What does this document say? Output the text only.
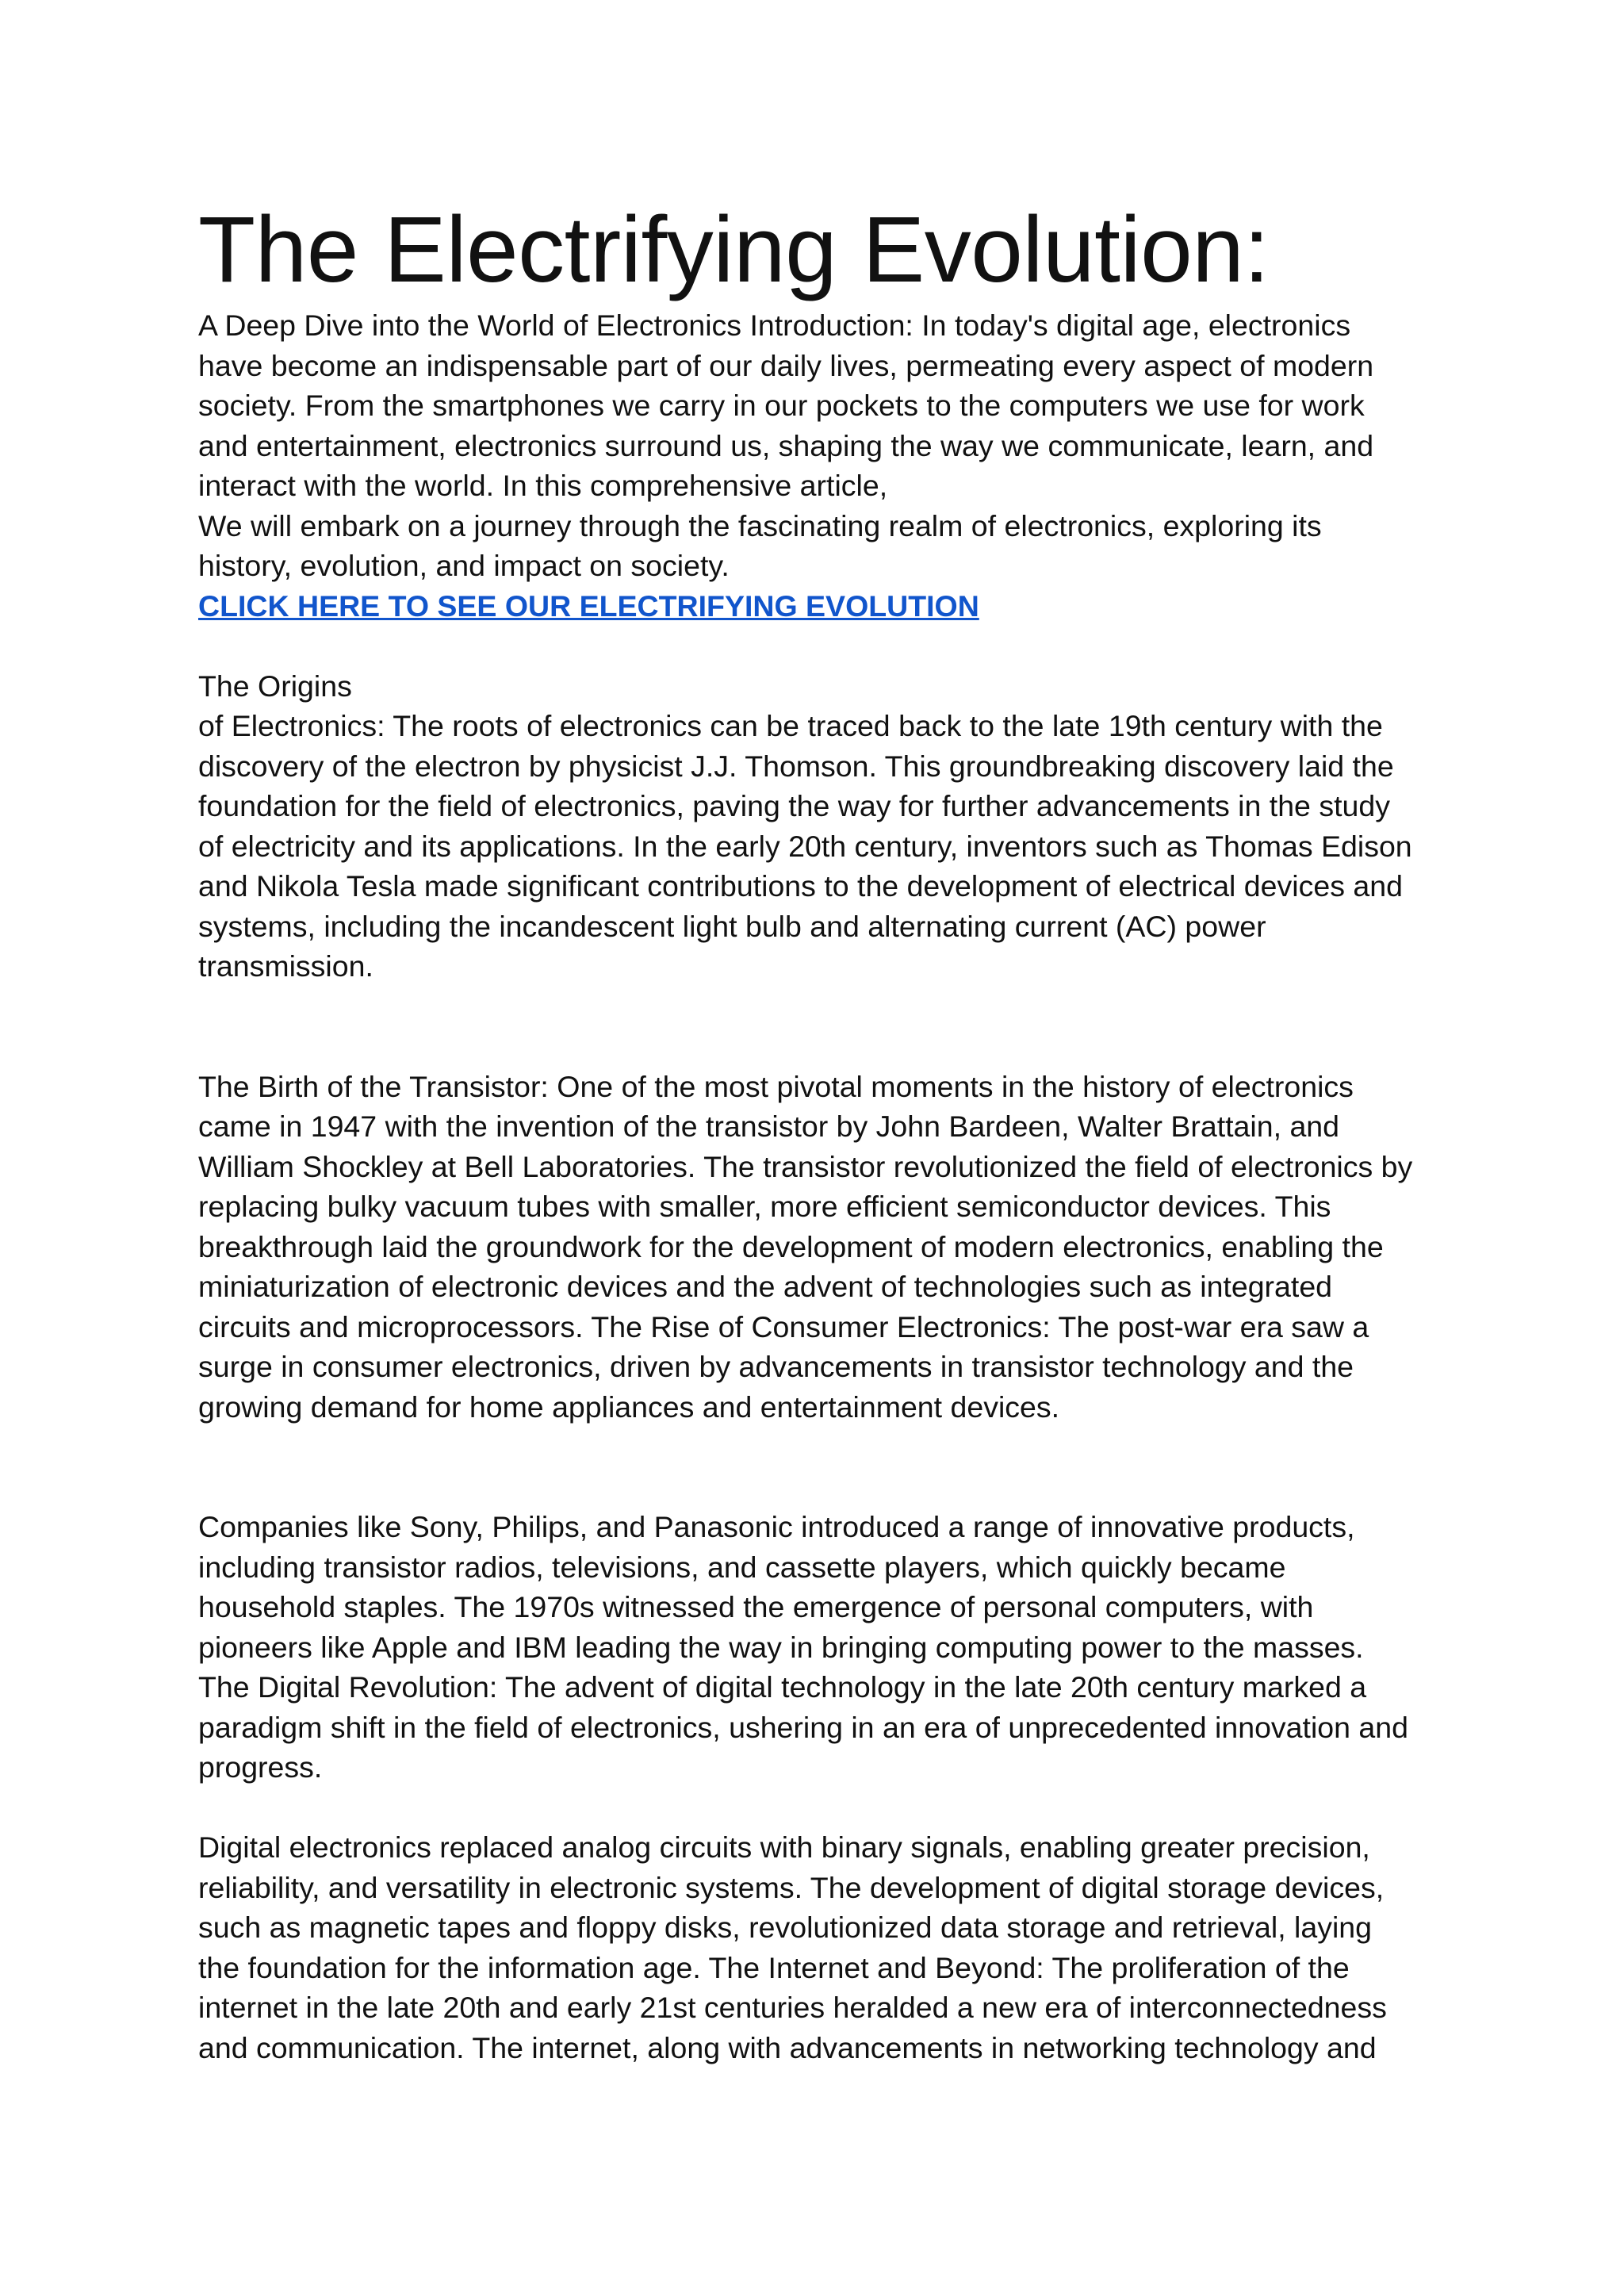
The Electrifying Evolution:
A Deep Dive into the World of Electronics Introduction: In today's digital age, electronics
have become an indispensable part of our daily lives, permeating every aspect of modern
society. From the smartphones we carry in our pockets to the computers we use for work
and entertainment, electronics surround us, shaping the way we communicate, learn, and
interact with the world. In this comprehensive article,
We will embark on a journey through the fascinating realm of electronics, exploring its
history, evolution, and impact on society.
CLICK HERE TO SEE OUR ELECTRIFYING EVOLUTION
The Origins
of Electronics: The roots of electronics can be traced back to the late 19th century with the
discovery of the electron by physicist J.J. Thomson. This groundbreaking discovery laid the
foundation for the field of electronics, paving the way for further advancements in the study
of electricity and its applications. In the early 20th century, inventors such as Thomas Edison
and Nikola Tesla made significant contributions to the development of electrical devices and
systems, including the incandescent light bulb and alternating current (AC) power
transmission.
The Birth of the Transistor: One of the most pivotal moments in the history of electronics
came in 1947 with the invention of the transistor by John Bardeen, Walter Brattain, and
William Shockley at Bell Laboratories. The transistor revolutionized the field of electronics by
replacing bulky vacuum tubes with smaller, more efficient semiconductor devices. This
breakthrough laid the groundwork for the development of modern electronics, enabling the
miniaturization of electronic devices and the advent of technologies such as integrated
circuits and microprocessors. The Rise of Consumer Electronics: The post-war era saw a
surge in consumer electronics, driven by advancements in transistor technology and the
growing demand for home appliances and entertainment devices.
Companies like Sony, Philips, and Panasonic introduced a range of innovative products,
including transistor radios, televisions, and cassette players, which quickly became
household staples. The 1970s witnessed the emergence of personal computers, with
pioneers like Apple and IBM leading the way in bringing computing power to the masses.
The Digital Revolution: The advent of digital technology in the late 20th century marked a
paradigm shift in the field of electronics, ushering in an era of unprecedented innovation and
progress.
Digital electronics replaced analog circuits with binary signals, enabling greater precision,
reliability, and versatility in electronic systems. The development of digital storage devices,
such as magnetic tapes and floppy disks, revolutionized data storage and retrieval, laying
the foundation for the information age. The Internet and Beyond: The proliferation of the
internet in the late 20th and early 21st centuries heralded a new era of interconnectedness
and communication. The internet, along with advancements in networking technology and
